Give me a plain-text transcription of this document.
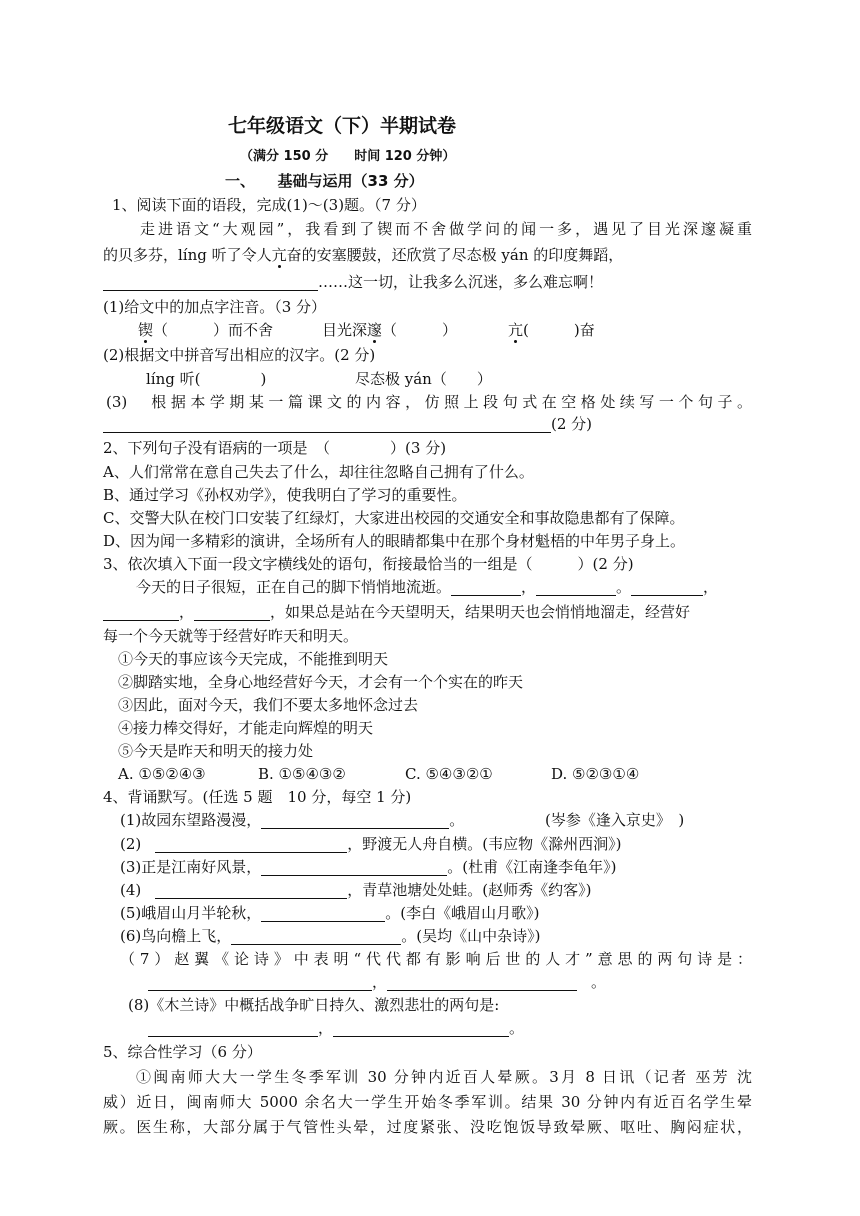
七年级语文（下）半期试卷
（满分 150 分　　时间 120 分钟）
一、　　基础与运用（33 分）
1、阅读下面的语段，完成(1)～(3)题。（7 分）
走进语文“大观园”，我看到了锲而不舍做学问的闻一多，遇见了目光深邃凝重
的贝多芬，líng 听了令人亢奋的安塞腰鼓，还欣赏了尽态极 yán 的印度舞蹈，
……这一切，让我多么沉迷，多么难忘啊！
(1)给文中的加点字注音。（3 分）
锲（　　　）而不舍	目光深邃（　　　）	亢(　　　)奋
(2)根据文中拼音写出相应的汉字。(2 分)
líng 听(　　　　)	尽态极 yán（　　）
(3)　根据本学期某一篇课文的内容，仿照上段句式在空格处续写一个句子。
(2 分)
2、下列句子没有语病的一项是　（　　　　）(3 分)
A、人们常常在意自己失去了什么，却往往忽略自己拥有了什么。
B、通过学习《孙权劝学》，使我明白了学习的重要性。
C、交警大队在校门口安装了红绿灯，大家进出校园的交通安全和事故隐患都有了保障。
D、因为闻一多精彩的演讲，全场所有人的眼睛都集中在那个身材魁梧的中年男子身上。
3、依次填入下面一段文字横线处的语句，衔接最恰当的一组是（　　　）(2 分)
今天的日子很短，正在自己的脚下悄悄地流逝。	，	。	，
，	，如果总是站在今天望明天，结果明天也会悄悄地溜走，经营好
每一个今天就等于经营好昨天和明天。
①今天的事应该今天完成，不能推到明天
②脚踏实地，全身心地经营好今天，才会有一个个实在的昨天
③因此，面对今天，我们不要太多地怀念过去
④接力棒交得好，才能走向辉煌的明天
⑤今天是昨天和明天的接力处
A. ①⑤②④③	B. ①⑤④③②	C. ⑤④③②①	D. ⑤②③①④
4、背诵默写。(任选 5 题　10 分，每空 1 分)
(1)故园东望路漫漫，	。	(岑参《逢入京史》　)
(2)	，野渡无人舟自横。(韦应物《滁州西涧》)
(3)正是江南好风景，	。(杜甫《江南逢李龟年》)
(4)	，青草池塘处处蛙。(赵师秀《约客》)
(5)峨眉山月半轮秋，	。(李白《峨眉山月歌》)
(6)鸟向檐上飞，	。(吴均《山中杂诗》)
（7）赵翼《论诗》中表明“代代都有影响后世的人才”意思的两句诗是：
，	。
(8)《木兰诗》中概括战争旷日持久、激烈悲壮的两句是:
，	。
5、综合性学习（6 分）
①闽南师大大一学生冬季军训 30 分钟内近百人晕厥。3月 8 日讯（记者 巫芳 沈
威）近日，闽南师大 5000 余名大一学生开始冬季军训。结果 30 分钟内有近百名学生晕
厥。医生称，大部分属于气管性头晕，过度紧张、没吃饱饭导致晕厥、呕吐、胸闷症状，
